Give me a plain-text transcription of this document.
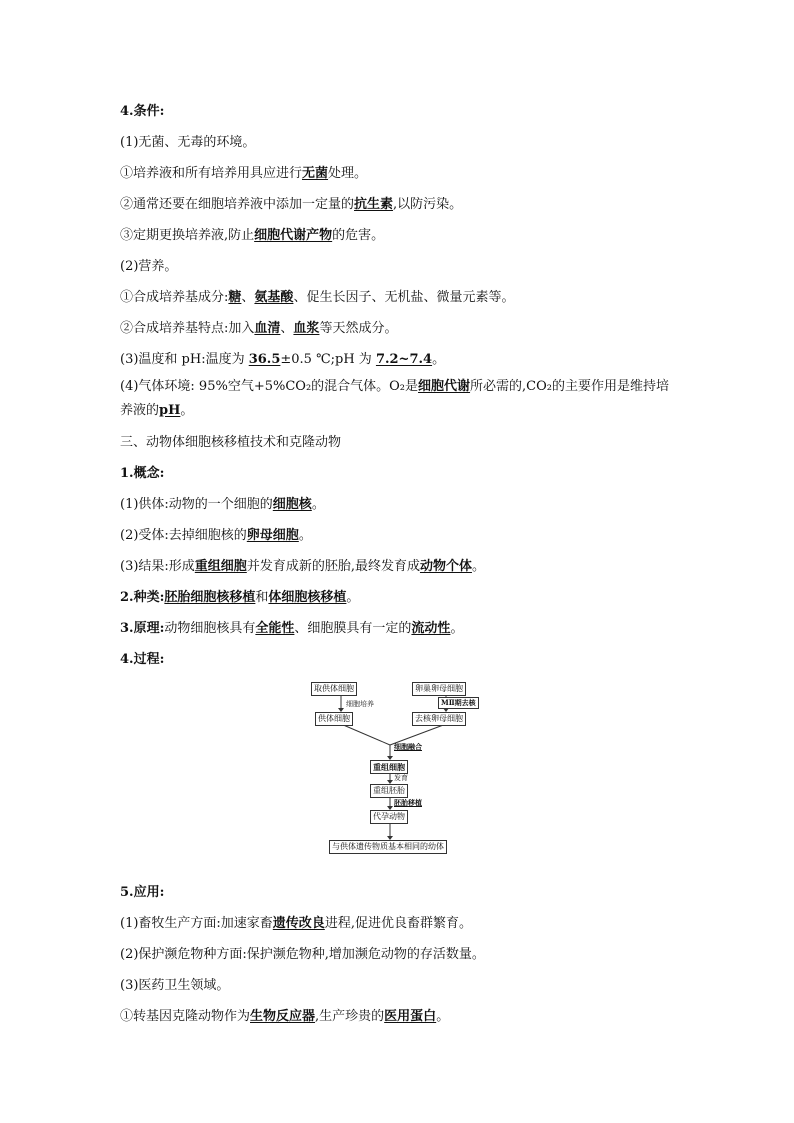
4.条件:
(1)无菌、无毒的环境。
①培养液和所有培养用具应进行无菌处理。
②通常还要在细胞培养液中添加一定量的抗生素,以防污染。
③定期更换培养液,防止细胞代谢产物的危害。
(2)营养。
①合成培养基成分:糖、氨基酸、促生长因子、无机盐、微量元素等。
②合成培养基特点:加入血清、血浆等天然成分。
(3)温度和 pH:温度为 36.5±0.5 ℃;pH 为 7.2~7.4。
(4)气体环境: 95%空气+5%CO₂的混合气体。O₂是细胞代谢所必需的,CO₂的主要作用是维持培养液的pH。
三、动物体细胞核移植技术和克隆动物
1.概念:
(1)供体:动物的一个细胞的细胞核。
(2)受体:去掉细胞核的卵母细胞。
(3)结果:形成重组细胞并发育成新的胚胎,最终发育成动物个体。
2.种类:胚胎细胞核移植和体细胞核移植。
3.原理:动物细胞核具有全能性、细胞膜具有一定的流动性。
4.过程:
取供体细胞
细胞培养
供体细胞
卵巢卵母细胞
MⅡ期去核
去核卵母细胞
细胞融合
重组细胞
发育
重组胚胎
胚胎移植
代孕动物
与供体遗传物质基本相同的幼体
5.应用:
(1)畜牧生产方面:加速家畜遗传改良进程,促进优良畜群繁育。
(2)保护濒危物种方面:保护濒危物种,增加濒危动物的存活数量。
(3)医药卫生领域。
①转基因克隆动物作为生物反应器,生产珍贵的医用蛋白。
